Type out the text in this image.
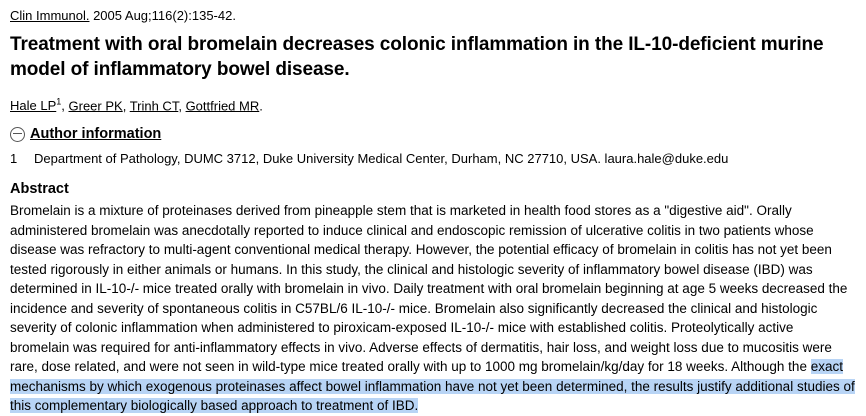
Clin Immunol. 2005 Aug;116(2):135-42.
Treatment with oral bromelain decreases colonic inflammation in the IL-10-deficient murine model of inflammatory bowel disease.
Hale $LP^1$, Greer PK, Trinh CT, Gottfried MR.
Author information
1	Department of Pathology, DUMC 3712, Duke University Medical Center, Durham, NC 27710, USA. laura.hale@duke.edu
Abstract
Bromelain is a mixture of proteinases derived from pineapple stem that is marketed in health food stores as a "digestive aid". Orally administered bromelain was anecdotally reported to induce clinical and endoscopic remission of ulcerative colitis in two patients whose disease was refractory to multi-agent conventional medical therapy. However, the potential efficacy of bromelain in colitis has not yet been tested rigorously in either animals or humans. In this study, the clinical and histologic severity of inflammatory bowel disease (IBD) was determined in IL-10-/- mice treated orally with bromelain in vivo. Daily treatment with oral bromelain beginning at age 5 weeks decreased the incidence and severity of spontaneous colitis in C57BL/6 IL-10-/- mice. Bromelain also significantly decreased the clinical and histologic severity of colonic inflammation when administered to piroxicam-exposed IL-10-/- mice with established colitis. Proteolytically active bromelain was required for anti-inflammatory effects in vivo. Adverse effects of dermatitis, hair loss, and weight loss due to mucositis were rare, dose related, and were not seen in wild-type mice treated orally with up to 1000 mg bromelain/kg/day for 18 weeks. Although the exact mechanisms by which exogenous proteinases affect bowel inflammation have not yet been determined, the results justify additional studies of this complementary biologically based approach to treatment of IBD.
